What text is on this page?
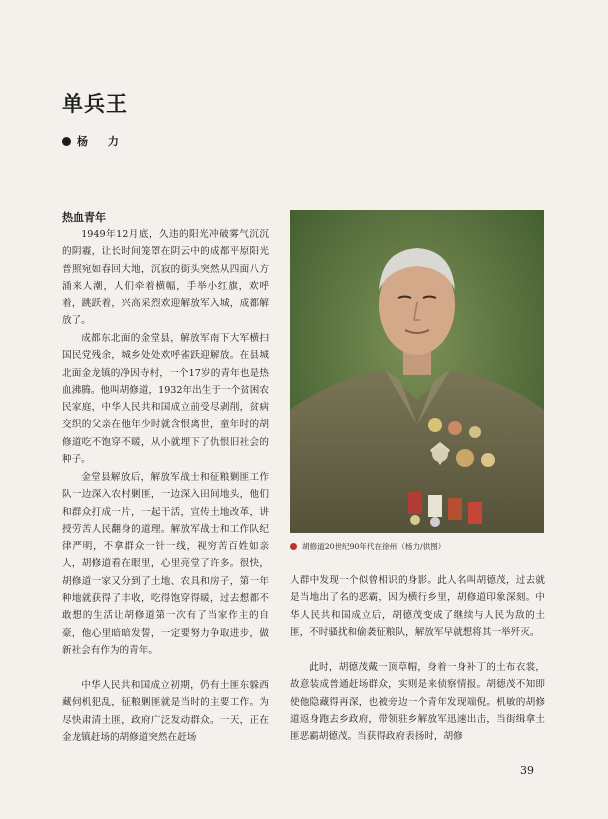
单兵王
杨 力
热血青年

1949年12月底，久违的阳光冲破雾气沉沉的阴霾，让长时间笼罩在阴云中的成都平原阳光普照宛如春回大地，沉寂的街头突然从四面八方涌来人潮，人们牵着横幅，手举小红旗，欢呼着，跳跃着，兴高采烈欢迎解放军入城，成都解放了。

成都东北面的金堂县，解放军南下大军横扫国民党残余，城乡处处欢呼雀跃迎解放。在县城北面金龙镇的净因寺村，一个17岁的青年也是热血沸腾。他叫胡修道，1932年出生于一个贫困农民家庭，中华人民共和国成立前受尽剥削，贫病交织的父亲在他年少时就含恨离世，童年时的胡修道吃不饱穿不暖，从小就埋下了仇恨旧社会的种子。

金堂县解放后，解放军战士和征粮剿匪工作队一边深入农村剿匪，一边深入田间地头，他们和群众打成一片，一起干活，宣传土地改革，讲授劳苦人民翻身的道理。解放军战士和工作队纪律严明，不拿群众一针一线，视穷苦百姓如亲人，胡修道看在眼里，心里亮堂了许多。很快，胡修道一家又分到了土地、农具和房子，第一年种地就获得了丰收，吃得饱穿得暖，过去想都不敢想的生活让胡修道第一次有了当家作主的自豪，他心里暗暗发誓，一定要努力争取进步，做新社会有作为的青年。

中华人民共和国成立初期，仍有土匪东躲西藏伺机犯乱，征粮剿匪就是当时的主要工作。为尽快肃清土匪，政府广泛发动群众。一天，正在金龙镇赶场的胡修道突然在赶场

胡修道20世纪90年代在徐州（杨力/供图）

人群中发现一个似曾相识的身影。此人名叫胡德茂，过去就是当地出了名的恶霸，因为横行乡里，胡修道印象深刻。中华人民共和国成立后，胡德茂变成了继续与人民为敌的土匪，不时骚扰和偷袭征粮队，解放军早就想将其一举歼灭。

此时，胡德茂戴一顶草帽，身着一身补丁的土布衣裳，故意装成普通赶场群众，实则是来侦察情报。胡德茂不知即使他隐藏得再深，也被旁边一个青年发现端倪。机敏的胡修道返身跑去乡政府，带领驻乡解放军迅速出击，当街缉拿土匪恶霸胡德茂。当获得政府表扬时，胡修

39
